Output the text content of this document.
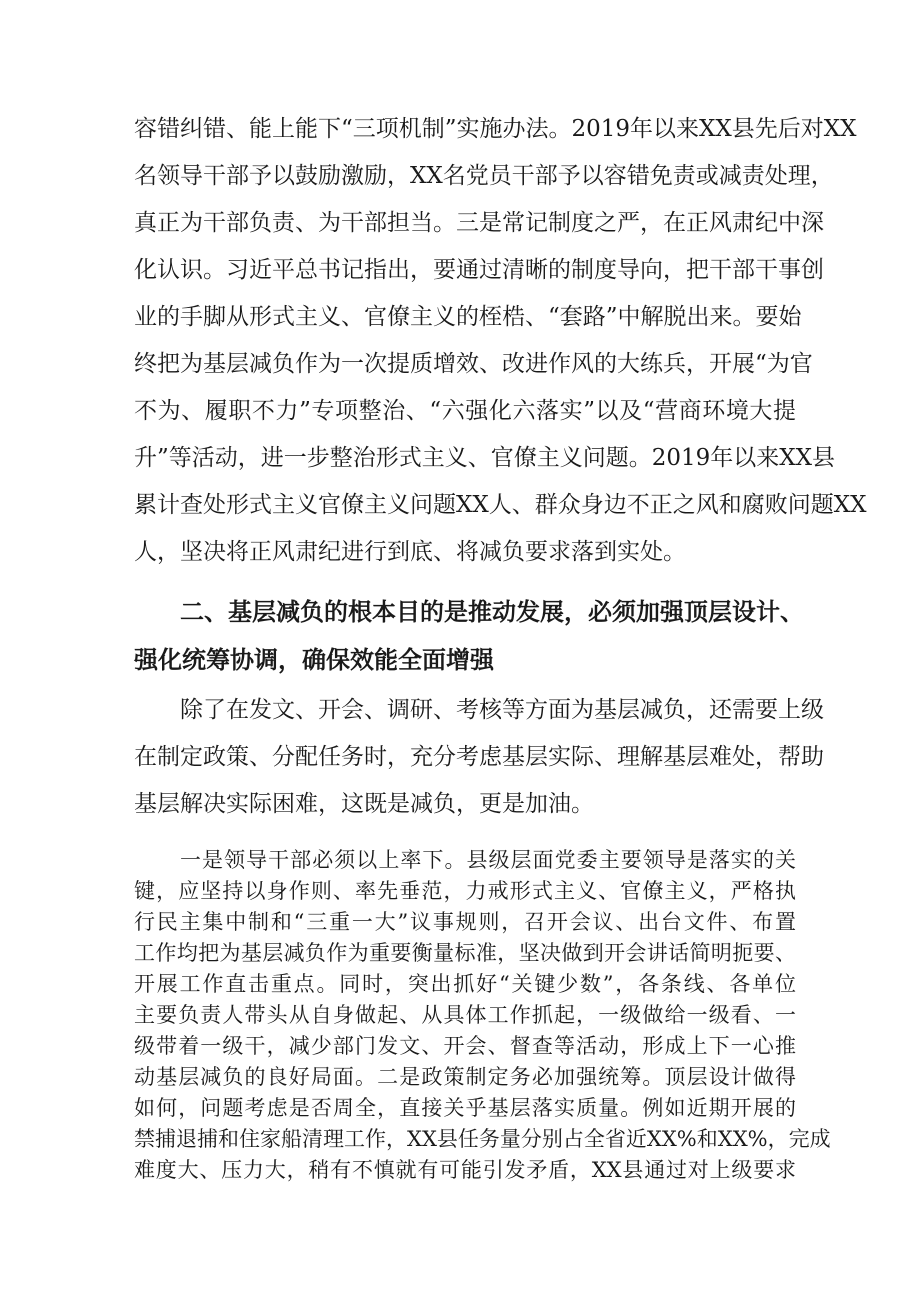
容错纠错、能上能下“三项机制”实施办法。2019年以来XX县先后对XX
名领导干部予以鼓励激励，XX名党员干部予以容错免责或减责处理，
真正为干部负责、为干部担当。三是常记制度之严，在正风肃纪中深
化认识。习近平总书记指出，要通过清晰的制度导向，把干部干事创
业的手脚从形式主义、官僚主义的桎梏、“套路”中解脱出来。要始
终把为基层减负作为一次提质增效、改进作风的大练兵，开展“为官
不为、履职不力”专项整治、“六强化六落实”以及“营商环境大提
升”等活动，进一步整治形式主义、官僚主义问题。2019年以来XX县
累计查处形式主义官僚主义问题XX人、群众身边不正之风和腐败问题XX
人，坚决将正风肃纪进行到底、将减负要求落到实处。
二、基层减负的根本目的是推动发展，必须加强顶层设计、
强化统筹协调，确保效能全面增强
除了在发文、开会、调研、考核等方面为基层减负，还需要上级
在制定政策、分配任务时，充分考虑基层实际、理解基层难处，帮助
基层解决实际困难，这既是减负，更是加油。
一是领导干部必须以上率下。县级层面党委主要领导是落实的关
键，应坚持以身作则、率先垂范，力戒形式主义、官僚主义，严格执
行民主集中制和“三重一大”议事规则，召开会议、出台文件、布置
工作均把为基层减负作为重要衡量标准，坚决做到开会讲话简明扼要、
开展工作直击重点。同时，突出抓好“关键少数”，各条线、各单位
主要负责人带头从自身做起、从具体工作抓起，一级做给一级看、一
级带着一级干，减少部门发文、开会、督查等活动，形成上下一心推
动基层减负的良好局面。二是政策制定务必加强统筹。顶层设计做得
如何，问题考虑是否周全，直接关乎基层落实质量。例如近期开展的
禁捕退捕和住家船清理工作，XX县任务量分别占全省近XX%和XX%，完成
难度大、压力大，稍有不慎就有可能引发矛盾，XX县通过对上级要求
